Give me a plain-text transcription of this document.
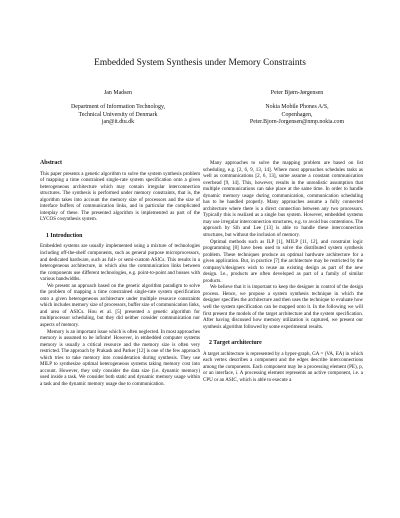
Embedded System Synthesis under Memory Constraints
Jan Madsen
Department of Information Technology,
Technical University of Denmark
jan@it.dtu.dk
Peter Bjørn-Jørgensen
Nokia Mobile Phones A/S,
Copenhagen,
Peter.Bjorn-Jorgensen@nmp.nokia.com
Abstract

This paper presents a genetic algorithm to solve the system synthesis problem of mapping a time constrained single-rate system specification onto a given heterogeneous architecture which may contain irregular interconnection structures. The synthesis is performed under memory constraints, that is, the algorithm takes into account the memory size of processors and the size of interface buffers of communication links, and in particular the complicated interplay of these. The presented algorithm is implemented as part of the LYCOS cosynthesis system.

1 Introduction

Embedded systems are usually implemented using a mixture of technologies including off-the-shelf components, such as general purpose microprocessors, and dedicated hardware, such as full- or semi-custom ASICs. This results in a heterogeneous architecture, in which also the communication links between the components use different technologies, e.g. point-to-point and busses with various bandwidths.

We present an approach based on the genetic algorithm paradigm to solve the problem of mapping a time constrained single-rate system specification onto a given heterogeneous architecture under multiple resource constraints which includes memory size of processors, buffer size of communication links, and area of ASICs. Hou et al. [5] presented a genetic algorithm for multiprocessor scheduling, but they did neither consider communication nor aspects of memory.

Memory is an important issue which is often neglected. In most approaches memory is assumed to be infinite! However, in embedded computer systems memory is usually a critical resource and the memory size is often very restricted. The approach by Prakash and Parker [12] is one of the few approach which tries to take memory into consideration during synthesis. They use MILP to synthesize optimal heterogeneous systems taking memory cost into account. However, they only consider the data size (i.e. dynamic memory) used inside a task. We consider both static and dynamic memory usage within a task and the dynamic memory usage due to communication.

Many approaches to solve the mapping problem are based on list scheduling, e.g. [2, 6, 9, 13, 14]. Where most approaches schedules tasks as well as communications [2, 6, 13], some assume a constant communication overhead [9, 14]. This, however, results in the unrealistic assumption that multiple communications can take place at the same time. In order to handle dynamic memory usage during communication, communication scheduling has to be handled properly. Many approaches assume a fully connected architecture where there is a direct connection between any two processors. Typically this is realized as a single bus system. However, embedded systems may use irregular interconnection structures, e.g. to avoid bus contentions. The approach by Sih and Lee [13] is able to handle these interconnection structures, but without the inclusion of memory.

Optimal methods such as ILP [1], MILP [11, 12], and constraint logic programming [8] have been used to solve the distributed system synthesis problem. These techniques produce an optimal hardware architecture for a given application. But, in practice [7] the architecture may be restricted by the company's/designers wish to reuse an existing design as part of the new design. I.e., products are often developed as part of a family of similar products.

We believe that it is important to keep the designer in control of the design process. Hence, we propose a system synthesis technique in which the designer specifies the architecture and then uses the technique to evaluate how well the system specification can be mapped onto it. In the following we will first present the models of the target architecture and the system specification. After having discussed how memory utilization is captured, we present our synthesis algorithm followed by some experimental results.

2 Target architecture

A target architecture is represented by a hyper-graph, GA = (VA, EA) in which each vertex describes a component and the edges describe interconnections among the components. Each component may be a processing element (PE), p, or an interface, i. A processing element represents an active component, i.e. a CPU or an ASIC, which is able to execute a
